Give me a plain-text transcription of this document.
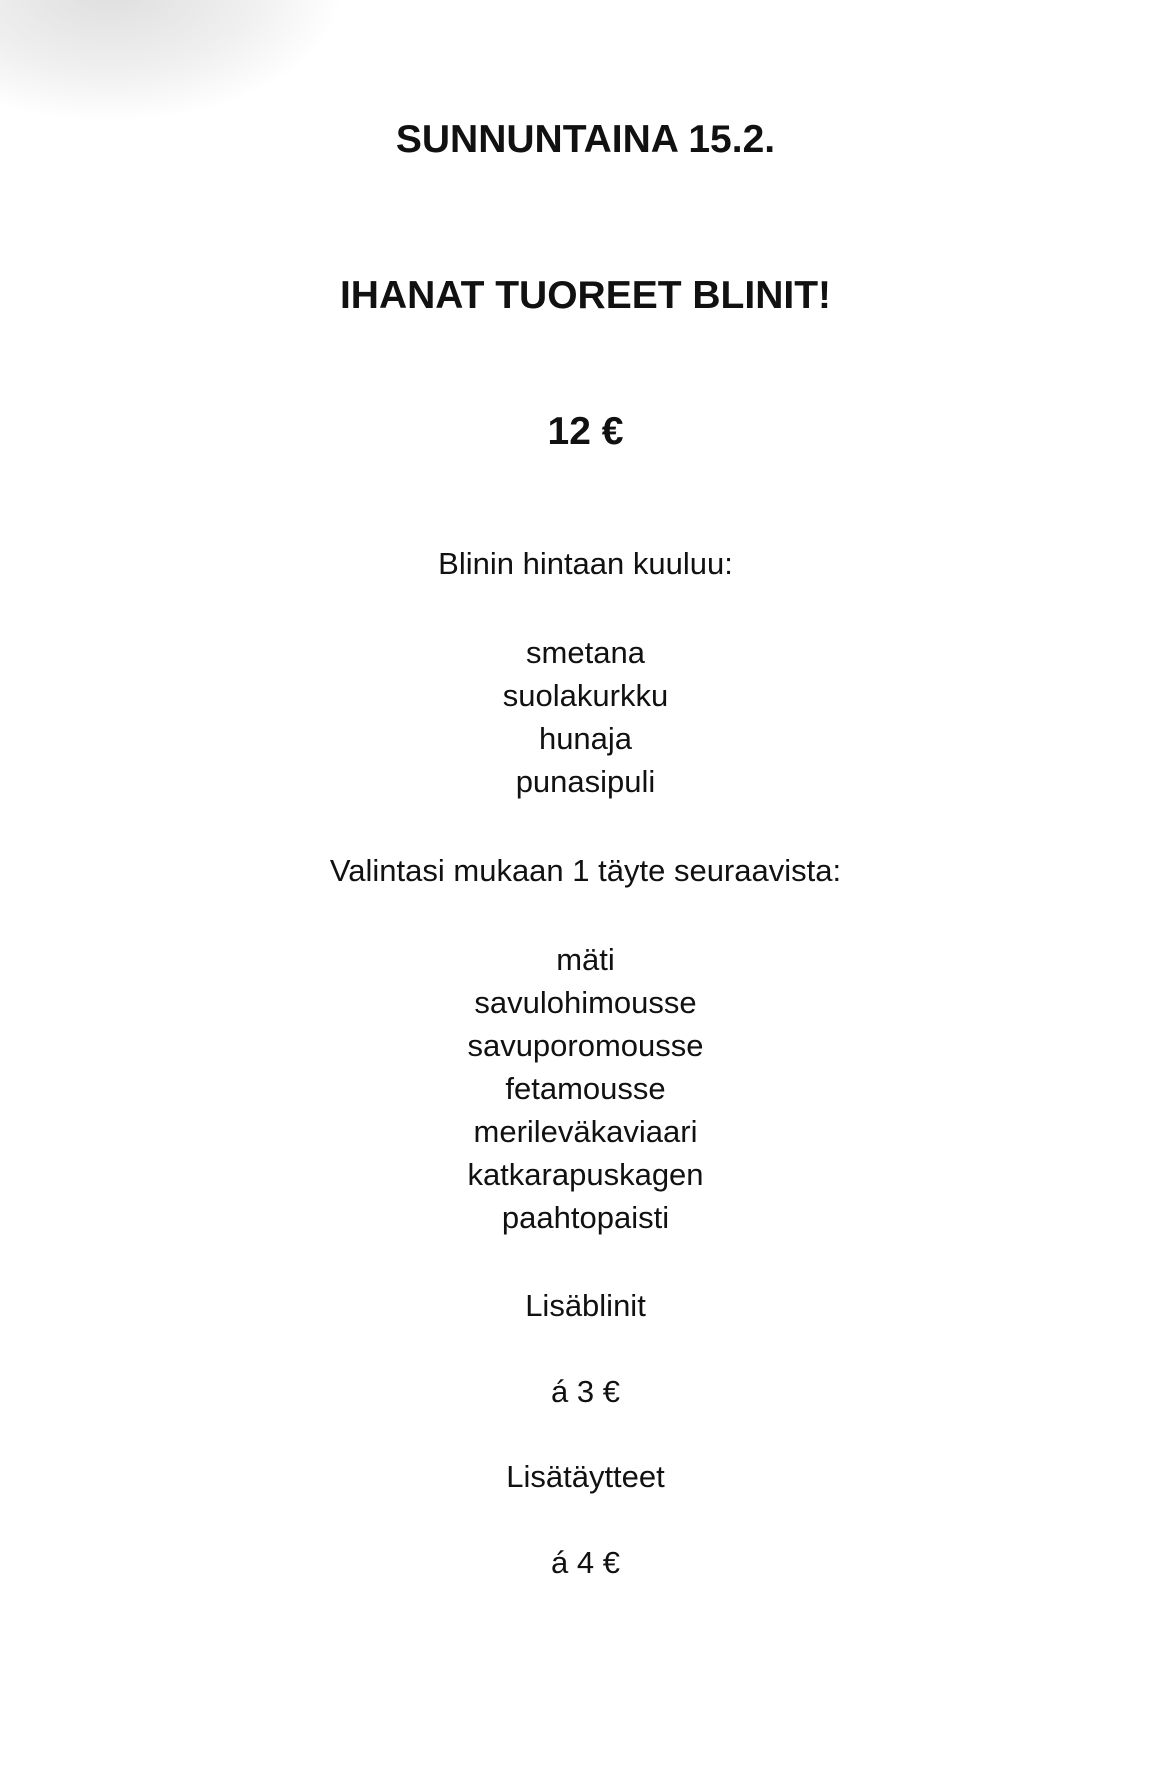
SUNNUNTAINA 15.2.
IHANAT TUOREET BLINIT!
12 €
Blinin hintaan kuuluu:
smetana
suolakurkku
hunaja
punasipuli
Valintasi mukaan 1 täyte seuraavista:
mäti
savulohimousse
savuporomousse
fetamousse
merileväkaviaari
katkarapuskagen
paahtopaisti
Lisäblinit
á 3 €
Lisätäytteet
á 4 €
